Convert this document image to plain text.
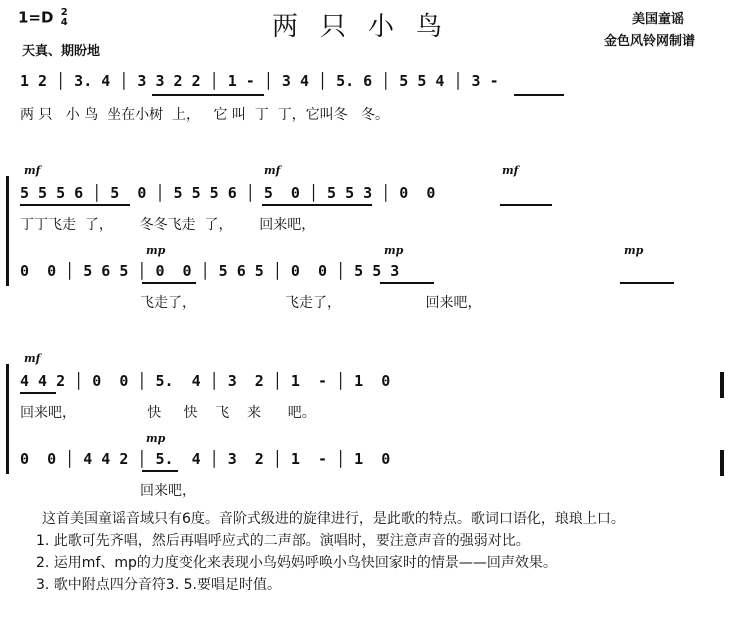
1=D 2
4	两只小鸟	美国童谣
金色风铃网制谱
天真、期盼地
1 2 │ 3. 4 │ 3 3 2 2 │ 1 - │ 3 4 │ 5. 6 │ 5 5 4 │ 3 -
两 只   小 鸟  坐在小树  上，   它 叫  丁  丁，它叫冬   冬。
mf	mf	mf
5 5 5 6 │ 5  0 │ 5 5 5 6 │ 5  0 │ 5 5 3 │ 0  0
丁丁飞走  了，      冬冬飞走  了，      回来吧，
mp	mp	mp
0  0 │ 5 6 5 │ 0  0 │ 5 6 5 │ 0  0 │ 5 5 3
飞走了，                    飞走了，                   回来吧，
mf
4 4 2 │ 0  0 │ 5.  4 │ 3  2 │ 1  - │ 1  0
回来吧，                快     快    飞    来      吧。
mp
0  0 │ 4 4 2 │ 5.  4 │ 3  2 │ 1  - │ 1  0
回来吧，

这首美国童谣音域只有6度。音阶式级进的旋律进行，是此歌的特点。歌词口语化，琅琅上口。

1. 此歌可先齐唱，然后再唱呼应式的二声部。演唱时，要注意声音的强弱对比。

2. 运用mf、mp的力度变化来表现小鸟妈妈呼唤小鸟快回家时的情景——回声效果。

3. 歌中附点四分音符3. 5.要唱足时值。
